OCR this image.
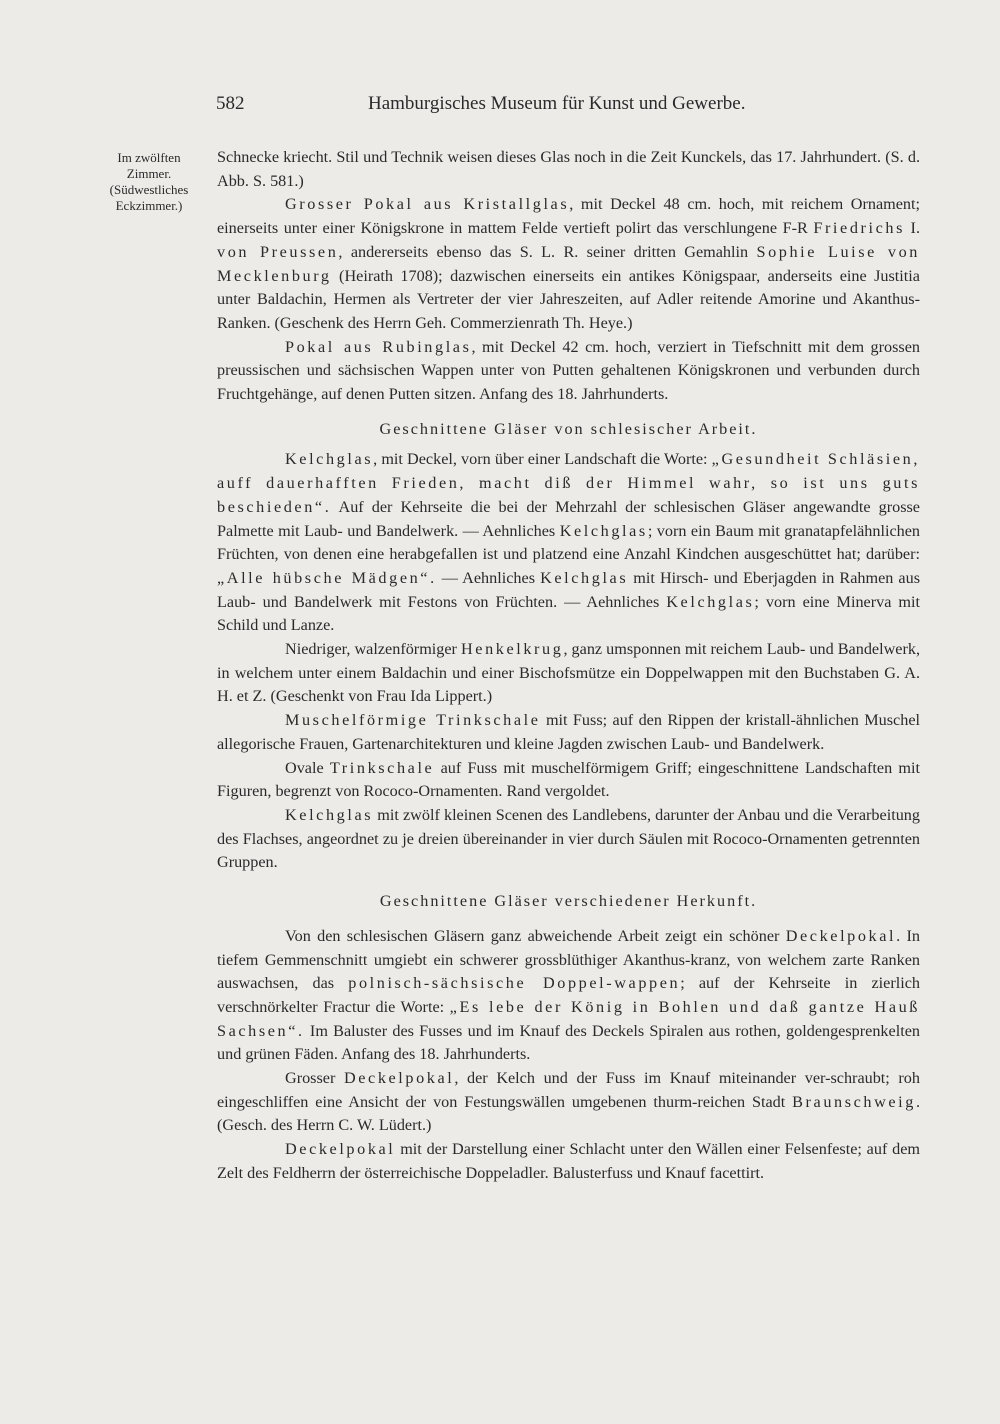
582	Hamburgisches Museum für Kunst und Gewerbe.
Im zwölften
Zimmer.
(Südwestliches
Eckzimmer.)

Schnecke kriecht. Stil und Technik weisen dieses Glas noch in die Zeit Kunckels, das 17. Jahrhundert. (S. d. Abb. S. 581.)

Grosser Pokal aus Kristallglas, mit Deckel 48 cm. hoch, mit reichem Ornament; einerseits unter einer Königskrone in mattem Felde vertieft polirt das verschlungene F-R Friedrichs I. von Preussen, andererseits ebenso das S. L. R. seiner dritten Gemahlin Sophie Luise von Mecklenburg (Heirath 1708); dazwischen einerseits ein antikes Königspaar, anderseits eine Justitia unter Baldachin, Hermen als Vertreter der vier Jahreszeiten, auf Adler reitende Amorine und Akanthus-Ranken. (Geschenk des Herrn Geh. Commerzienrath Th. Heye.)

Pokal aus Rubinglas, mit Deckel 42 cm. hoch, verziert in Tiefschnitt mit dem grossen preussischen und sächsischen Wappen unter von Putten gehaltenen Königskronen und verbunden durch Fruchtgehänge, auf denen Putten sitzen. Anfang des 18. Jahrhunderts.

Geschnittene Gläser von schlesischer Arbeit.

Kelchglas, mit Deckel, vorn über einer Landschaft die Worte: „Gesundheit Schläsien, auff dauerhafften Frieden, macht diß der Himmel wahr, so ist uns guts beschieden“. Auf der Kehrseite die bei der Mehrzahl der schlesischen Gläser angewandte grosse Palmette mit Laub- und Bandelwerk. — Aehnliches Kelchglas; vorn ein Baum mit granatapfelähnlichen Früchten, von denen eine herabgefallen ist und platzend eine Anzahl Kindchen ausgeschüttet hat; darüber: „Alle hübsche Mädgen“. — Aehnliches Kelchglas mit Hirsch- und Eberjagden in Rahmen aus Laub- und Bandelwerk mit Festons von Früchten. — Aehnliches Kelchglas; vorn eine Minerva mit Schild und Lanze.

Niedriger, walzenförmiger Henkelkrug, ganz umsponnen mit reichem Laub- und Bandelwerk, in welchem unter einem Baldachin und einer Bischofsmütze ein Doppelwappen mit den Buchstaben G. A. H. et Z. (Geschenkt von Frau Ida Lippert.)

Muschelförmige Trinkschale mit Fuss; auf den Rippen der kristall-ähnlichen Muschel allegorische Frauen, Gartenarchitekturen und kleine Jagden zwischen Laub- und Bandelwerk.

Ovale Trinkschale auf Fuss mit muschelförmigem Griff; eingeschnittene Landschaften mit Figuren, begrenzt von Rococo-Ornamenten. Rand vergoldet.

Kelchglas mit zwölf kleinen Scenen des Landlebens, darunter der Anbau und die Verarbeitung des Flachses, angeordnet zu je dreien übereinander in vier durch Säulen mit Rococo-Ornamenten getrennten Gruppen.

Geschnittene Gläser verschiedener Herkunft.

Von den schlesischen Gläsern ganz abweichende Arbeit zeigt ein schöner Deckelpokal. In tiefem Gemmenschnitt umgiebt ein schwerer grossblüthiger Akanthus-kranz, von welchem zarte Ranken auswachsen, das polnisch-sächsische Doppel-wappen; auf der Kehrseite in zierlich verschnörkelter Fractur die Worte: „Es lebe der König in Bohlen und daß gantze Hauß Sachsen“. Im Baluster des Fusses und im Knauf des Deckels Spiralen aus rothen, goldengesprenkelten und grünen Fäden. Anfang des 18. Jahrhunderts.

Grosser Deckelpokal, der Kelch und der Fuss im Knauf miteinander ver-schraubt; roh eingeschliffen eine Ansicht der von Festungswällen umgebenen thurm-reichen Stadt Braunschweig. (Gesch. des Herrn C. W. Lüdert.)

Deckelpokal mit der Darstellung einer Schlacht unter den Wällen einer Felsenfeste; auf dem Zelt des Feldherrn der österreichische Doppeladler. Balusterfuss und Knauf facettirt.
